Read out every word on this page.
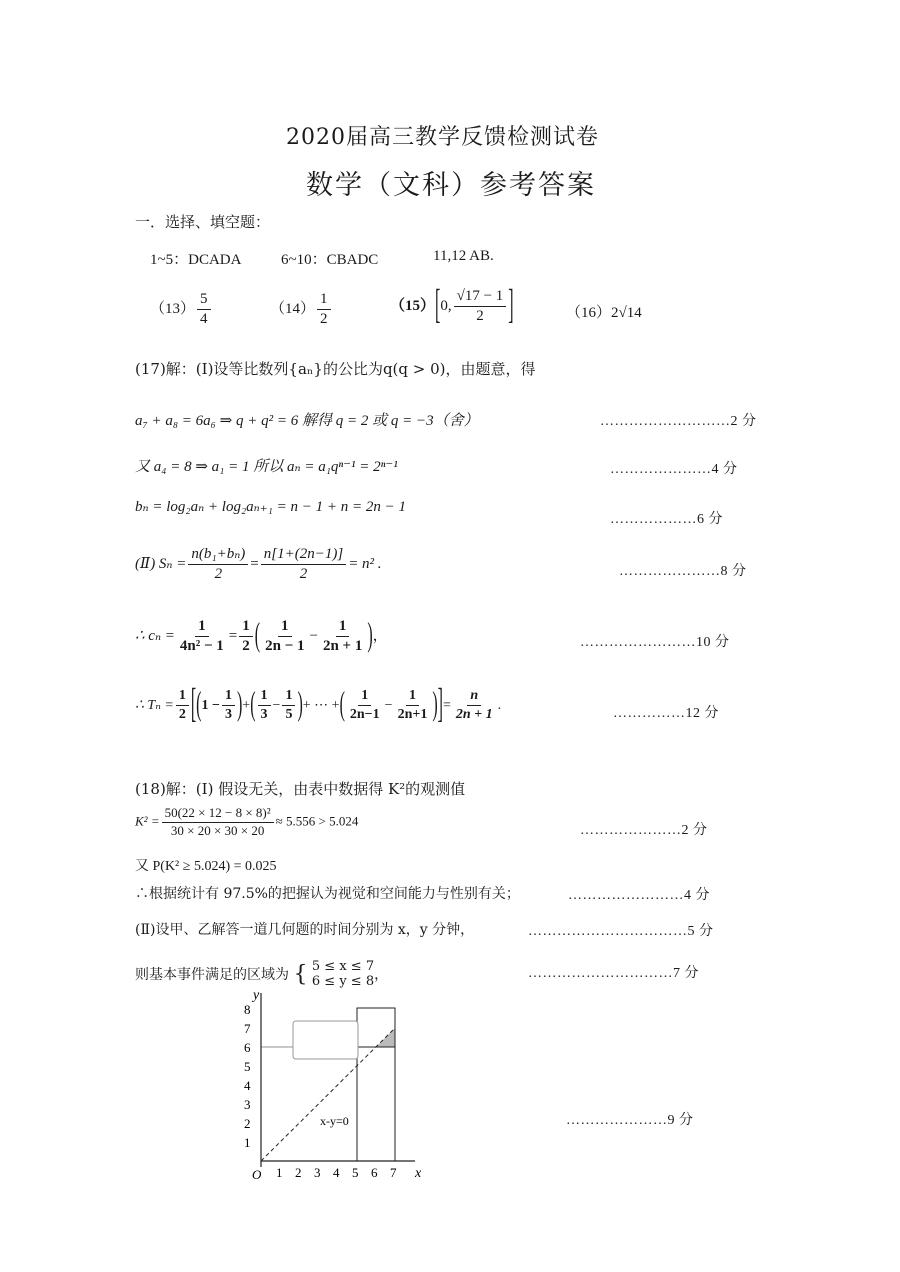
2020届高三教学反馈检测试卷
数学（文科）参考答案
一．选择、填空题：
1~5：DCADA	6~10：CBADC	11,12 AB.
$(13) \frac{5}{4}$	$(14) \frac{1}{2}$	（15）[0, $\frac{√17 - 1}{2}$ ]	（16）2√14
(17)解：(Ⅰ)设等比数列{aₙ}的公比为q(q > 0)，由题意，得
a₇ + a₈ = 6a₆ ⇒ q + q² = 6 解得 q = 2 或 q = −3（舍）	………………………2 分
又 a₄ = 8 ⇒ a₁ = 1 所以 aₙ = a₁qⁿ⁻¹ = 2ⁿ⁻¹	…………………4 分
bₙ = log₂aₙ + log₂aₙ₊₁ = n − 1 + n = 2n − 1
………………6 分
(Ⅱ) $S_n = \frac{\text{n(b₁+bₙ)}}{2} = \frac{n[1+(2n-1)]}{2} = n^2$ .	…………………8 分
∴ $c_n = \frac{1}{\text{4n² − 1}} = \frac{1}{2}$ ( $\frac{1}{2n - 1} - \frac{1}{2n + 1}$ )，	……………………10 分
∴ $T_n = \frac{1}{2} [(1 - \frac{1}{3}$ )+( $\frac{1}{3} - \frac{1}{5}$ )+ ⋯ +( $\frac{1}{2n-1} - \frac{1}{2n+1}$ )]= $\frac{n}{2n + 1}$ .
……………12 分
(18)解：(Ⅰ) 假设无关，由表中数据得 K²的观测值
$K^2 = \frac{\text{50(22 × 12 − 8 × 8)²}}{30 \times 20 \times 30 \times 20} \approx 5.556 > 5.024$
…………………2 分
又 P(K² ≥ 5.024) = 0.025
∴根据统计有 97.5%的把握认为视觉和空间能力与性别有关；	……………………4 分
(Ⅱ)设甲、乙解答一道几何题的时间分别为 x，y 分钟，	……………………………5 分
则基本事件满足的区域为 { 5 ≤ x ≤ 7
6 ≤ y ≤ 8 ，	…………………………7 分
…………………9 分
O	x
y
1 2 3 4 5 6 7
1
2
3
4
5
6
7
8
x-y=0
